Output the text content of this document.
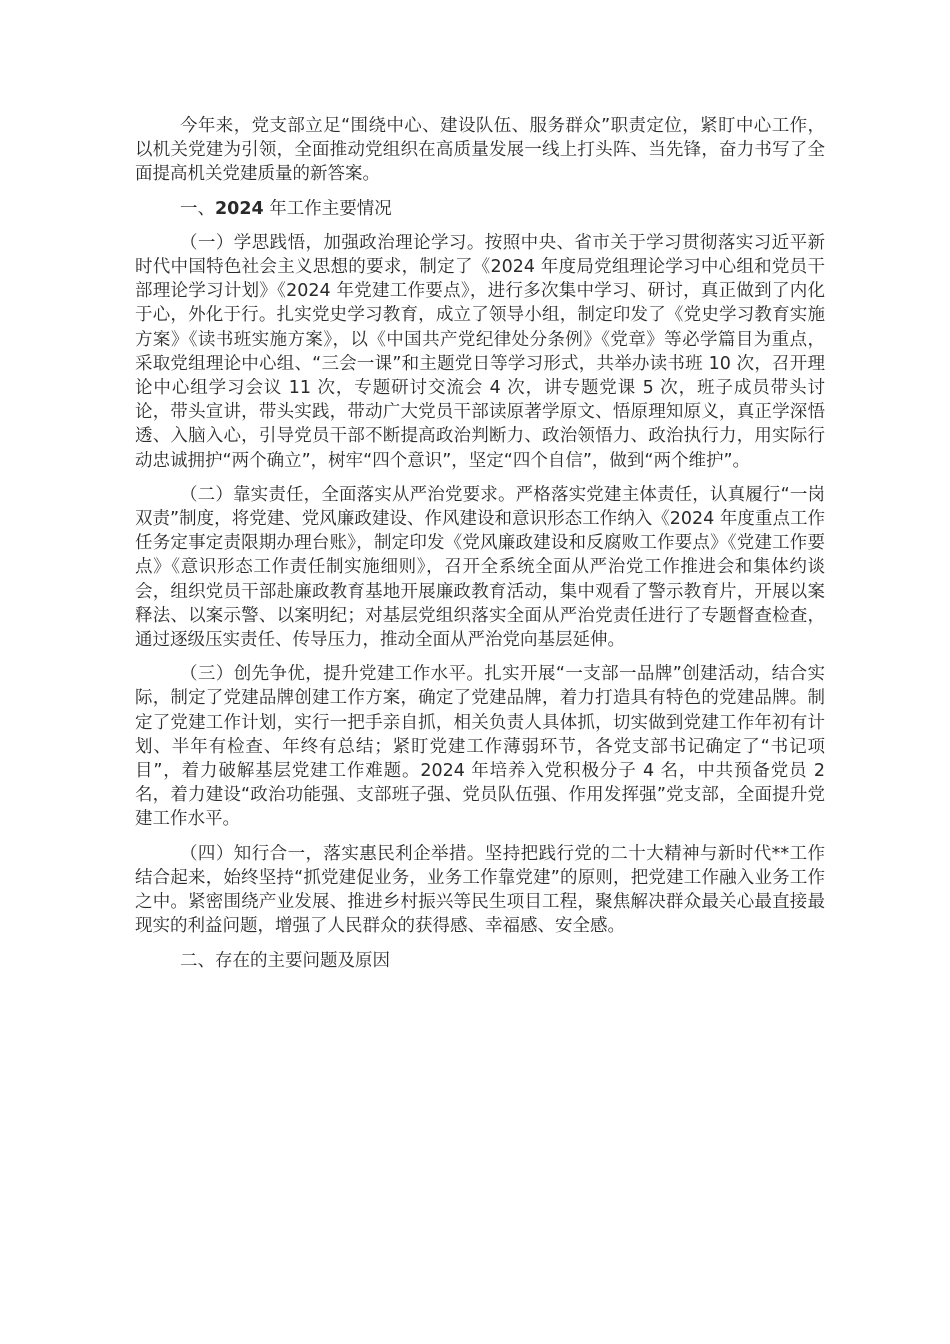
今年来，党支部立足“围绕中心、建设队伍、服务群众”职责定位，紧盯中心工作，以机关党建为引领，全面推动党组织在高质量发展一线上打头阵、当先锋，奋力书写了全面提高机关党建质量的新答案。

一、2024 年工作主要情况

（一）学思践悟，加强政治理论学习。按照中央、省市关于学习贯彻落实习近平新时代中国特色社会主义思想的要求，制定了《2024 年度局党组理论学习中心组和党员干部理论学习计划》《2024 年党建工作要点》，进行多次集中学习、研讨，真正做到了内化于心，外化于行。扎实党史学习教育，成立了领导小组，制定印发了《党史学习教育实施方案》《读书班实施方案》，以《中国共产党纪律处分条例》《党章》等必学篇目为重点，采取党组理论中心组、“三会一课”和主题党日等学习形式，共举办读书班 10 次，召开理论中心组学习会议 11 次，专题研讨交流会 4 次，讲专题党课 5 次，班子成员带头讨论，带头宣讲，带头实践，带动广大党员干部读原著学原文、悟原理知原义，真正学深悟透、入脑入心，引导党员干部不断提高政治判断力、政治领悟力、政治执行力，用实际行动忠诚拥护“两个确立”，树牢“四个意识”，坚定“四个自信”，做到“两个维护”。

（二）靠实责任，全面落实从严治党要求。严格落实党建主体责任，认真履行“一岗双责”制度，将党建、党风廉政建设、作风建设和意识形态工作纳入《2024 年度重点工作任务定事定责限期办理台账》，制定印发《党风廉政建设和反腐败工作要点》《党建工作要点》《意识形态工作责任制实施细则》，召开全系统全面从严治党工作推进会和集体约谈会，组织党员干部赴廉政教育基地开展廉政教育活动，集中观看了警示教育片，开展以案释法、以案示警、以案明纪；对基层党组织落实全面从严治党责任进行了专题督查检查，通过逐级压实责任、传导压力，推动全面从严治党向基层延伸。

（三）创先争优，提升党建工作水平。扎实开展“一支部一品牌”创建活动，结合实际，制定了党建品牌创建工作方案，确定了党建品牌，着力打造具有特色的党建品牌。制定了党建工作计划，实行一把手亲自抓，相关负责人具体抓，切实做到党建工作年初有计划、半年有检查、年终有总结；紧盯党建工作薄弱环节，各党支部书记确定了“书记项目”，着力破解基层党建工作难题。2024 年培养入党积极分子 4 名，中共预备党员 2 名，着力建设“政治功能强、支部班子强、党员队伍强、作用发挥强”党支部，全面提升党建工作水平。

（四）知行合一，落实惠民利企举措。坚持把践行党的二十大精神与新时代**工作结合起来，始终坚持“抓党建促业务，业务工作靠党建”的原则，把党建工作融入业务工作之中。紧密围绕产业发展、推进乡村振兴等民生项目工程，聚焦解决群众最关心最直接最现实的利益问题，增强了人民群众的获得感、幸福感、安全感。

二、存在的主要问题及原因
